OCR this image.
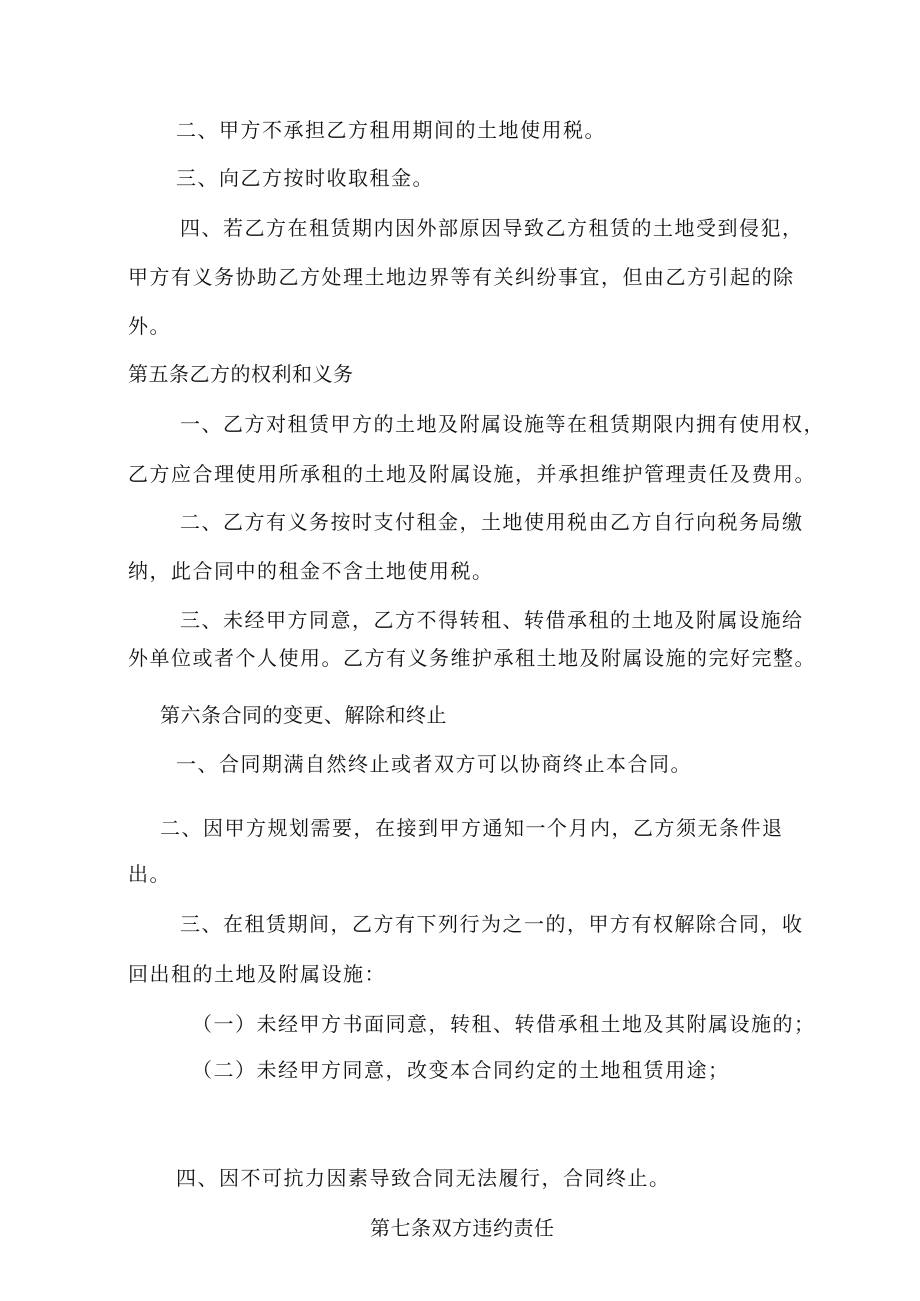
二、甲方不承担乙方租用期间的土地使用税。
三、向乙方按时收取租金。
四、若乙方在租赁期内因外部原因导致乙方租赁的土地受到侵犯，
甲方有义务协助乙方处理土地边界等有关纠纷事宜，但由乙方引起的除
外。
第五条乙方的权利和义务
一、乙方对租赁甲方的土地及附属设施等在租赁期限内拥有使用权，
乙方应合理使用所承租的土地及附属设施，并承担维护管理责任及费用。
二、乙方有义务按时支付租金，土地使用税由乙方自行向税务局缴
纳，此合同中的租金不含土地使用税。
三、未经甲方同意，乙方不得转租、转借承租的土地及附属设施给
外单位或者个人使用。乙方有义务维护承租土地及附属设施的完好完整。
第六条合同的变更、解除和终止
一、合同期满自然终止或者双方可以协商终止本合同。
二、因甲方规划需要，在接到甲方通知一个月内，乙方须无条件退
出。
三、在租赁期间，乙方有下列行为之一的，甲方有权解除合同，收
回出租的土地及附属设施：
（一）未经甲方书面同意，转租、转借承租土地及其附属设施的；
（二）未经甲方同意，改变本合同约定的土地租赁用途；
四、因不可抗力因素导致合同无法履行，合同终止。
第七条双方违约责任
